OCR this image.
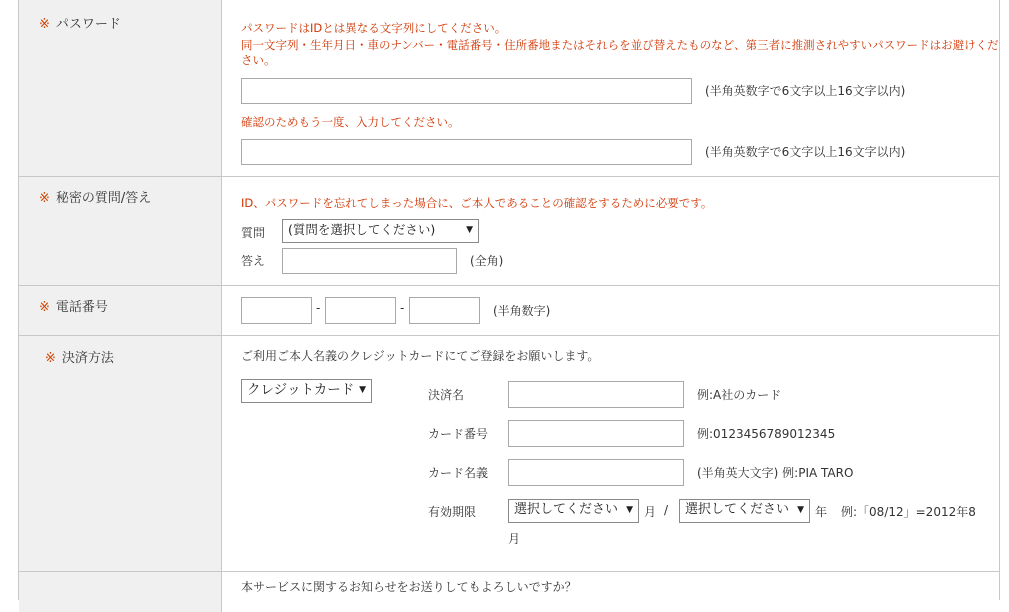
※ パスワード	パスワードはIDとは異なる文字列にしてください。
同一文字列・生年月日・車のナンバー・電話番号・住所番地またはそれらを並び替えたものなど、第三者に推測されやすいパスワードはお避けくだ
さい。
(半角英数字で6文字以上16文字以内)
確認のためもう一度、入力してください。
(半角英数字で6文字以上16文字以内)
※ 秘密の質問/答え	ID、パスワードを忘れてしまった場合に、ご本人であることの確認をするために必要です。
質問	(質問を選択してください)	▼
答え	(全角)
※ 電話番号	-	-	(半角数字)
※ 決済方法	ご利用ご本人名義のクレジットカードにてご登録をお願いします。
クレジットカード ▼	決済名	例:A社のカード
カード番号	例:0123456789012345
カード名義	(半角英大文字) 例:PIA TARO
有効期限	選択してください ▼ 月 /	選択してください ▼ 年 例:「08/12」=2012年8
月
本サービスに関するお知らせをお送りしてもよろしいですか？
